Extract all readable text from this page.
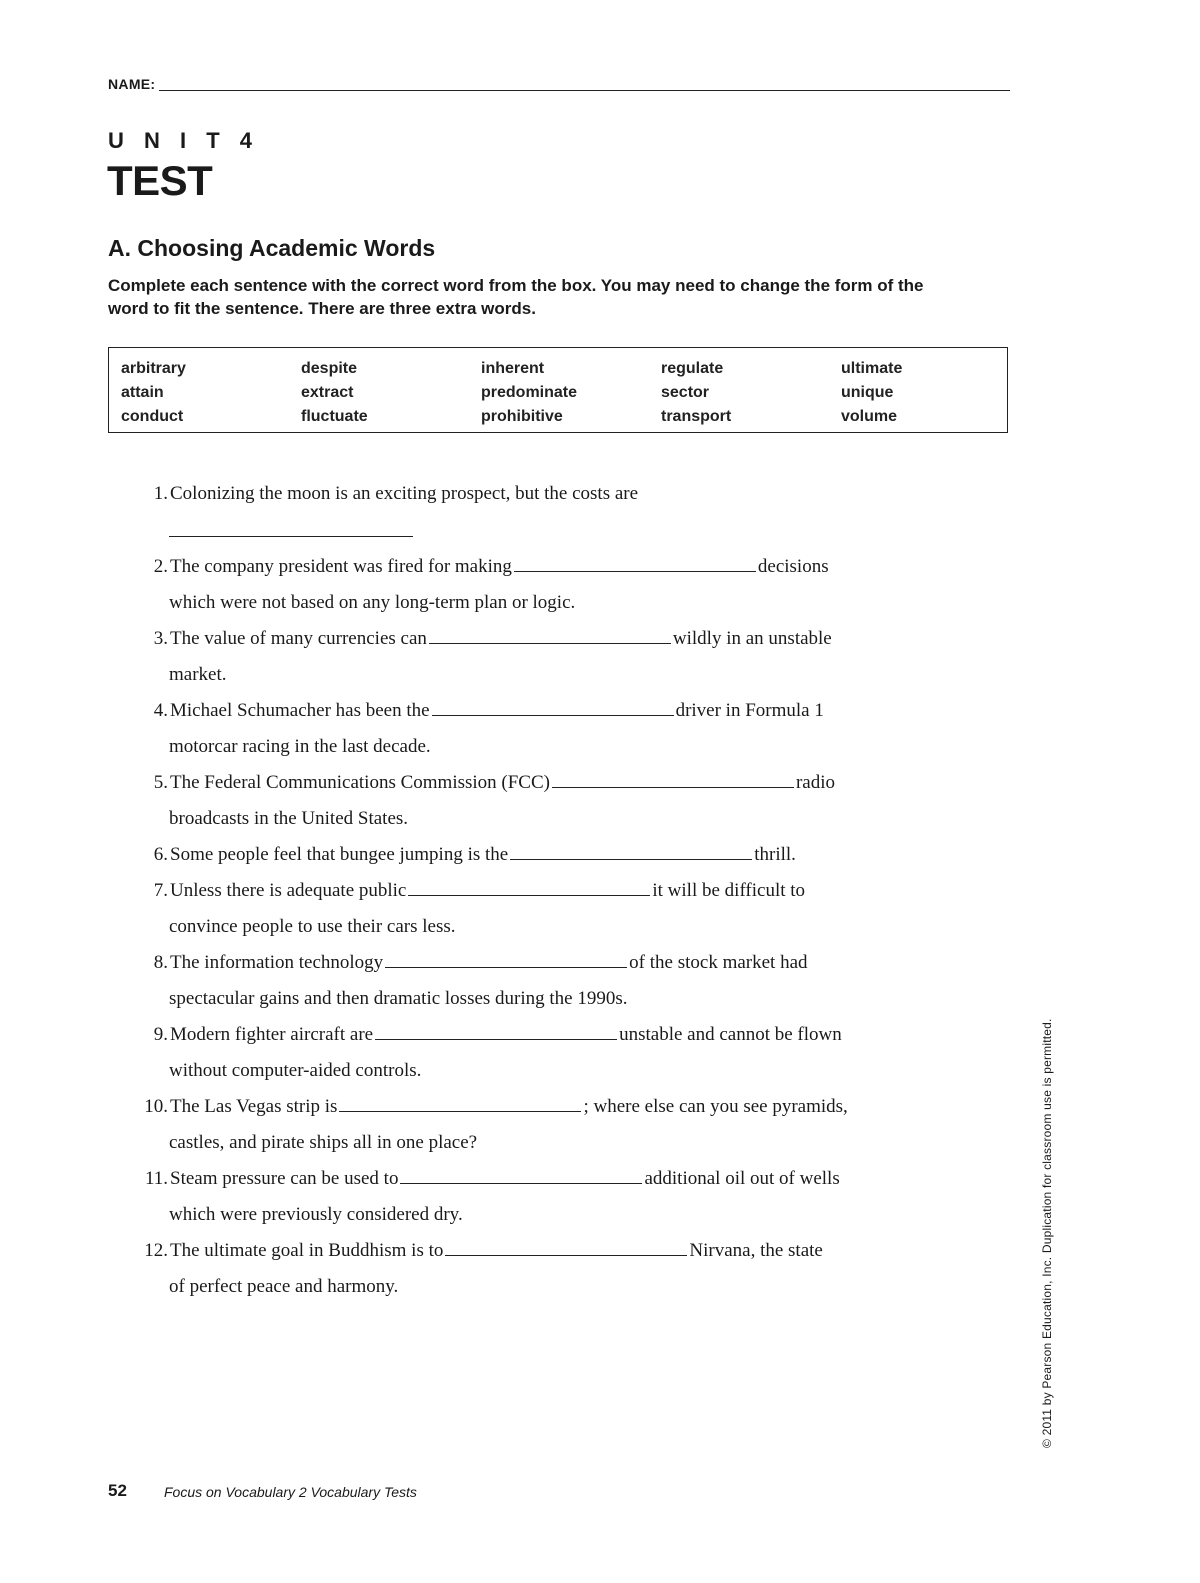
NAME:
U N I T 4
TEST
A. Choosing Academic Words
Complete each sentence with the correct word from the box. You may need to change the form of the word to fit the sentence. There are three extra words.
arbitrary	despite	inherent	regulate	ultimate
attain	extract	predominate	sector	unique
conduct	fluctuate	prohibitive	transport	volume
1. Colonizing the moon is an exciting prospect, but the costs are
2. The company president was fired for making	decisions
which were not based on any long-term plan or logic.
3. The value of many currencies can	wildly in an unstable
market.
4. Michael Schumacher has been the	driver in Formula 1
motorcar racing in the last decade.
5. The Federal Communications Commission (FCC)	radio
broadcasts in the United States.
6. Some people feel that bungee jumping is the	thrill.
7. Unless there is adequate public	it will be difficult to
convince people to use their cars less.
8. The information technology	of the stock market had
spectacular gains and then dramatic losses during the 1990s.
9. Modern fighter aircraft are	unstable and cannot be flown
without computer-aided controls.
10. The Las Vegas strip is	; where else can you see pyramids,
castles, and pirate ships all in one place?
11. Steam pressure can be used to	additional oil out of wells
which were previously considered dry.
12. The ultimate goal in Buddhism is to	Nirvana, the state
of perfect peace and harmony.	© 2011 by Pearson Education, Inc. Duplication for classroom use is permitted.
52	Focus on Vocabulary 2 Vocabulary Tests
